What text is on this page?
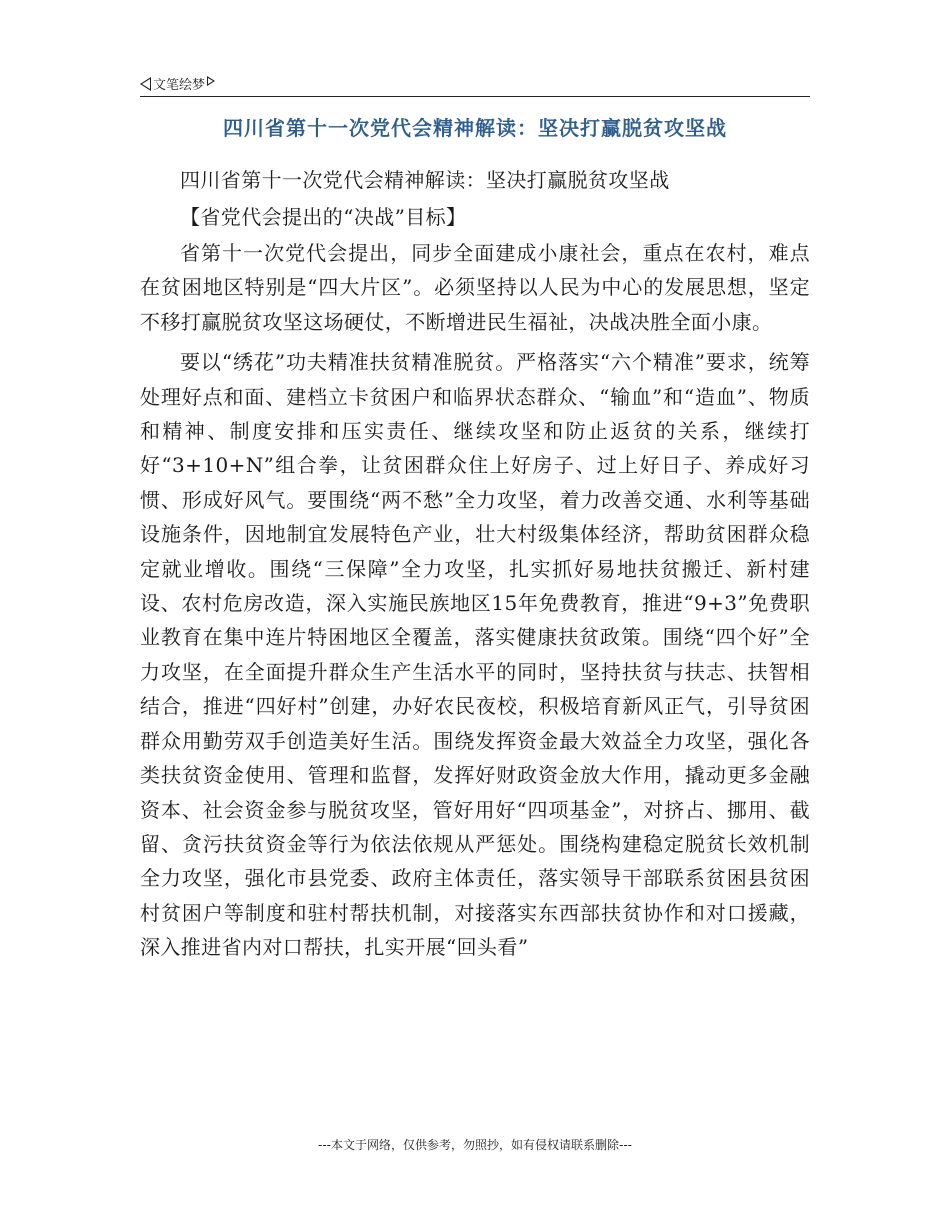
文笔绘梦
四川省第十一次党代会精神解读：坚决打赢脱贫攻坚战

四川省第十一次党代会精神解读：坚决打赢脱贫攻坚战

【省党代会提出的“决战”目标】

省第十一次党代会提出，同步全面建成小康社会，重点在农村，难点在贫困地区特别是“四大片区”。必须坚持以人民为中心的发展思想，坚定不移打赢脱贫攻坚这场硬仗，不断增进民生福祉，决战决胜全面小康。

要以“绣花”功夫精准扶贫精准脱贫。严格落实“六个精准”要求，统筹处理好点和面、建档立卡贫困户和临界状态群众、“输血”和“造血”、物质和精神、制度安排和压实责任、继续攻坚和防止返贫的关系，继续打好“3+10+N”组合拳，让贫困群众住上好房子、过上好日子、养成好习惯、形成好风气。要围绕“两不愁”全力攻坚，着力改善交通、水利等基础设施条件，因地制宜发展特色产业，壮大村级集体经济，帮助贫困群众稳定就业增收。围绕“三保障”全力攻坚，扎实抓好易地扶贫搬迁、新村建设、农村危房改造，深入实施民族地区15年免费教育，推进“9+3”免费职业教育在集中连片特困地区全覆盖，落实健康扶贫政策。围绕“四个好”全力攻坚，在全面提升群众生产生活水平的同时，坚持扶贫与扶志、扶智相结合，推进“四好村”创建，办好农民夜校，积极培育新风正气，引导贫困群众用勤劳双手创造美好生活。围绕发挥资金最大效益全力攻坚，强化各类扶贫资金使用、管理和监督，发挥好财政资金放大作用，撬动更多金融资本、社会资金参与脱贫攻坚，管好用好“四项基金”，对挤占、挪用、截留、贪污扶贫资金等行为依法依规从严惩处。围绕构建稳定脱贫长效机制全力攻坚，强化市县党委、政府主体责任，落实领导干部联系贫困县贫困村贫困户等制度和驻村帮扶机制，对接落实东西部扶贫协作和对口援藏，深入推进省内对口帮扶，扎实开展“回头看”

---本文于网络，仅供参考，勿照抄，如有侵权请联系删除---
